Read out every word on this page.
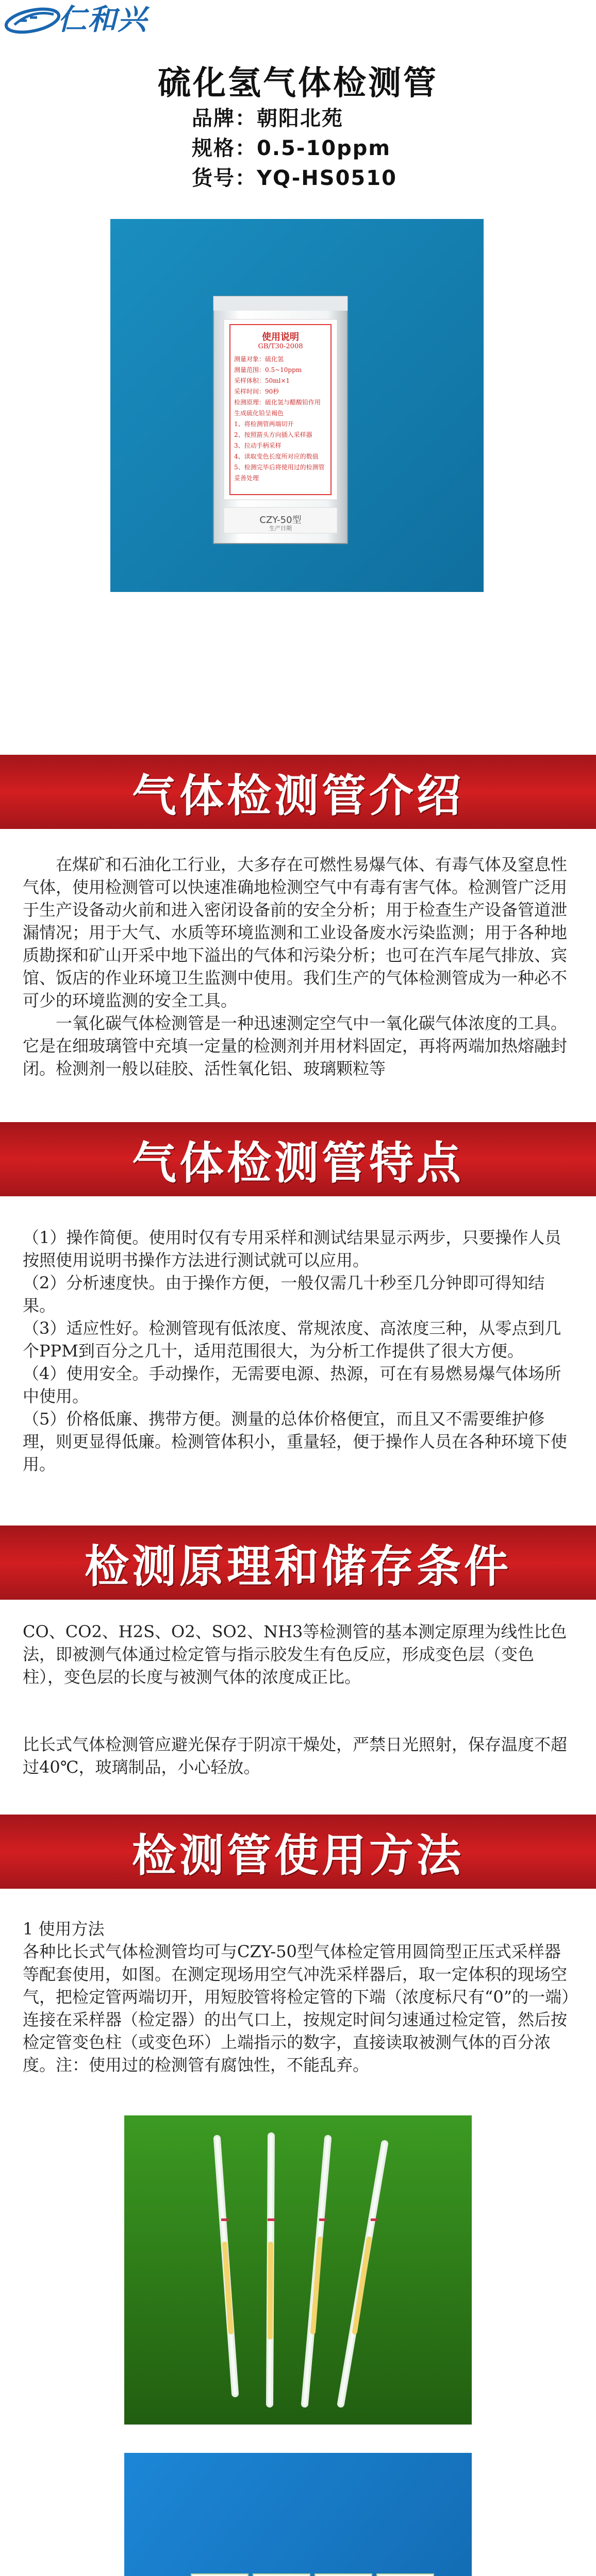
仁和兴
硫化氢气体检测管
品牌：朝阳北苑
规格：0.5-10ppm
货号：YQ-HS0510
使用说明
GB/T30-2008
测量对象：硫化氢
测量范围：0.5~10ppm
采样体积：50ml×1
采样时间：90秒
检测原理：硫化氢与醋酸铅作用
生成硫化铅呈褐色
1、将检测管两端切开
2、按照箭头方向插入采样器
3、拉动手柄采样
4、读取变色长度所对应的数值
5、检测完毕后将使用过的检测管
妥善处理
CZY-50型
生产日期
气体检测管介绍

在煤矿和石油化工行业，大多存在可燃性易爆气体、有毒气体及窒息性气体，使用检测管可以快速准确地检测空气中有毒有害气体。检测管广泛用于生产设备动火前和进入密闭设备前的安全分析；用于检查生产设备管道泄漏情况；用于大气、水质等环境监测和工业设备废水污染监测；用于各种地质勘探和矿山开采中地下溢出的气体和污染分析；也可在汽车尾气排放、宾馆、饭店的作业环境卫生监测中使用。我们生产的气体检测管成为一种必不可少的环境监测的安全工具。

一氧化碳气体检测管是一种迅速测定空气中一氧化碳气体浓度的工具。它是在细玻璃管中充填一定量的检测剂并用材料固定，再将两端加热熔融封闭。检测剂一般以硅胶、活性氧化铝、玻璃颗粒等

气体检测管特点

（1）操作简便。使用时仅有专用采样和测试结果显示两步，只要操作人员按照使用说明书操作方法进行测试就可以应用。

（2）分析速度快。由于操作方便，一般仅需几十秒至几分钟即可得知结果。

（3）适应性好。检测管现有低浓度、常规浓度、高浓度三种，从零点到几个PPM到百分之几十，适用范围很大，为分析工作提供了很大方便。

（4）使用安全。手动操作，无需要电源、热源，可在有易燃易爆气体场所中使用。

（5）价格低廉、携带方便。测量的总体价格便宜，而且又不需要维护修理，则更显得低廉。检测管体积小，重量轻，便于操作人员在各种环境下使用。

检测原理和储存条件
CO、CO2、H2S、O2、SO2、NH3等检测管的基本测定原理为线性比色法，即被测气体通过检定管与指示胶发生有色反应，形成变色层（变色柱），变色层的长度与被测气体的浓度成正比。
比长式气体检测管应避光保存于阴凉干燥处，严禁日光照射，保存温度不超过40℃，玻璃制品，小心轻放。
检测管使用方法

1 使用方法

各种比长式气体检测管均可与CZY-50型气体检定管用圆筒型正压式采样器等配套使用，如图。在测定现场用空气冲洗采样器后，取一定体积的现场空气，把检定管两端切开，用短胶管将检定管的下端（浓度标尺有“0”的一端）连接在采样器（检定器）的出气口上，按规定时间匀速通过检定管，然后按检定管变色柱（或变色环）上端指示的数字，直接读取被测气体的百分浓度。注：使用过的检测管有腐蚀性，不能乱弃。
